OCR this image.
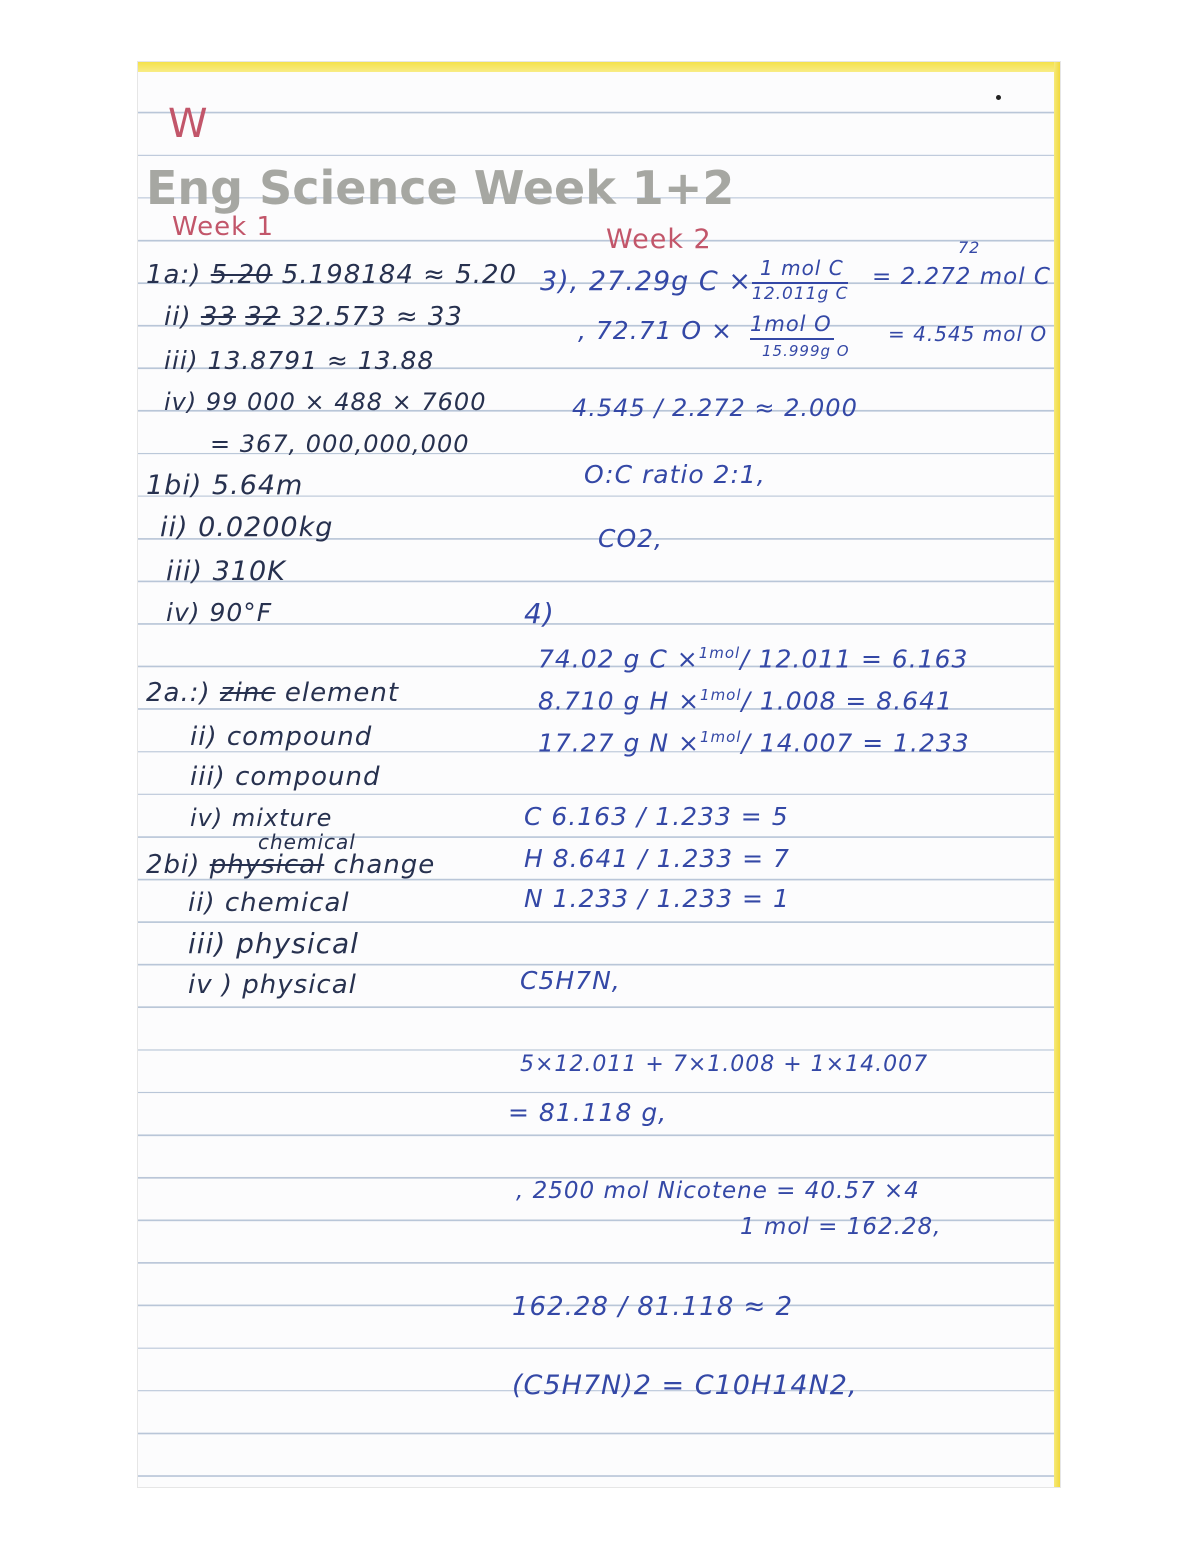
W
Eng Science Week 1+2
Week 1
1a:) 5.20 5.198184 ≈ 5.20
ii) 33 32 32.573 ≈ 33
iii) 13.8791 ≈ 13.88
iv) 99 000 × 488 × 7600
= 367, 000,000,000
1bi) 5.64m
ii) 0.0200kg
iii) 310K
iv) 90°F
2a.:) zinc element
ii) compound
iii) compound
iv) mixture
chemical
2bi) physical change
ii) chemical
iii) physical
iv ) physical
Week 2	72
3), 27.29g C × 1 mol C
12.011g C
= 2.272 mol C
, 72.71 O × 1mol O
15.999g O
= 4.545 mol O
4.545 / 2.272 ≈ 2.000
O:C ratio 2:1,
CO2,
4)
74.02 g C ×$^{1mol}$/ 12.011 = 6.163
8.710 g H ×$^{1mol}$/ 1.008 = 8.641
17.27 g N ×$^{1mol}$/ 14.007 = 1.233
C 6.163 / 1.233 = 5
H 8.641 / 1.233 = 7
N 1.233 / 1.233 = 1
C5H7N,
5×12.011 + 7×1.008 + 1×14.007
= 81.118 g,
, 2500 mol Nicotene = 40.57 ×4
1 mol = 162.28,
162.28 / 81.118 ≈ 2
(C5H7N)2 = C10H14N2,
